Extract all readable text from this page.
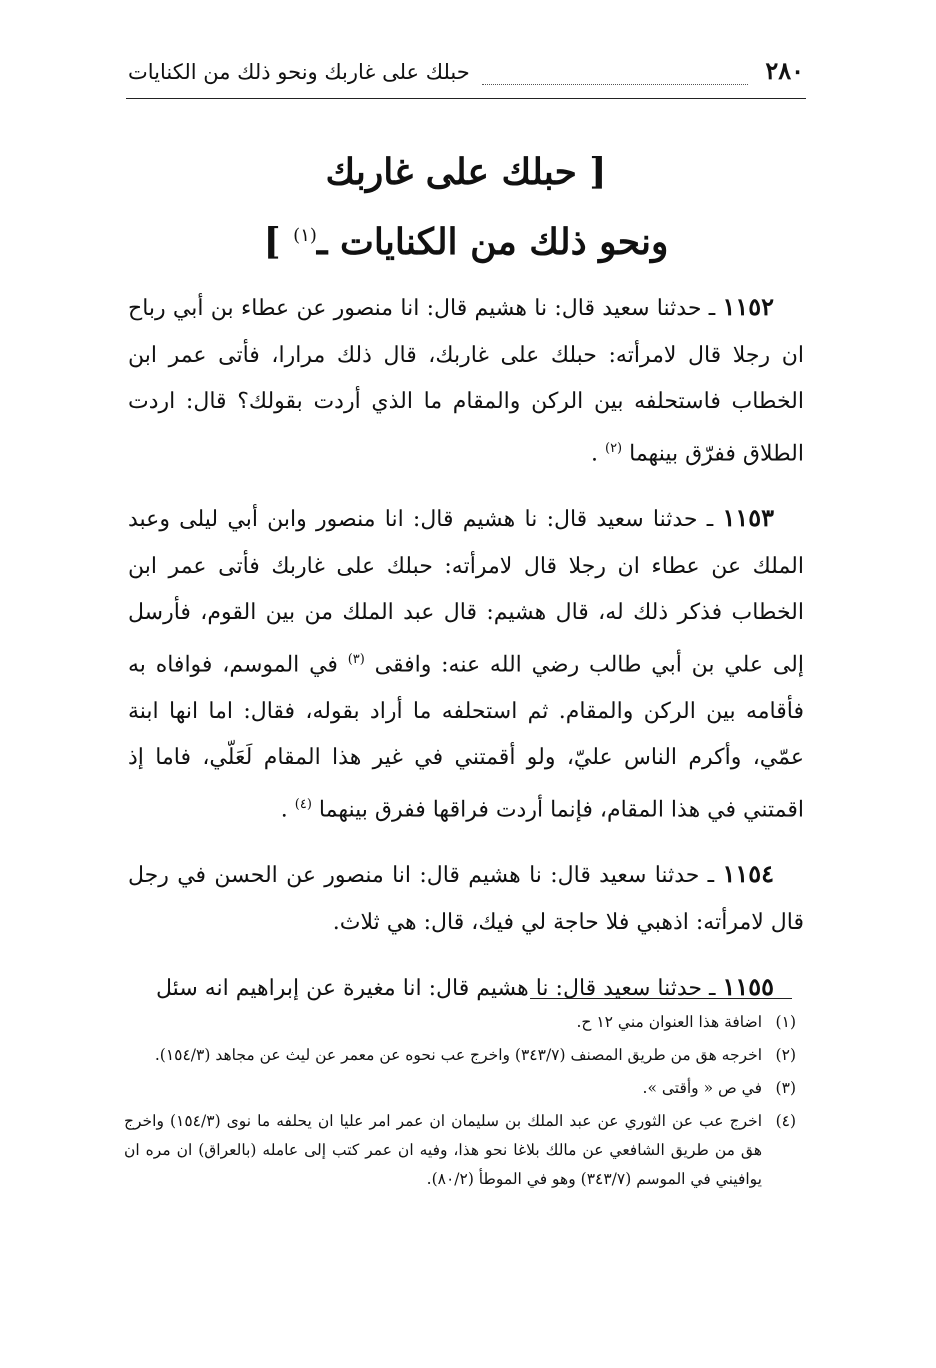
٢٨٠
حبلك على غاربك ونحو ذلك من الكنايات
[ حبلك على غاربك
ونحو ذلك من الكنايات ـ$^{(١)}$ ]

١١٥٢ ـ حدثنا سعيد قال: نا هشيم قال: انا منصور عن عطاء بن أبي رباح ان رجلا قال لامرأته: حبلك على غاربك، قال ذلك مرارا، فأتى عمر ابن الخطاب فاستحلفه بين الركن والمقام ما الذي أردت بقولك؟ قال: اردت الطلاق ففرّق بينهما $^{(٢)}$ .

١١٥٣ ـ حدثنا سعيد قال: نا هشيم قال: انا منصور وابن أبي ليلى وعبد الملك عن عطاء ان رجلا قال لامرأته: حبلك على غاربك فأتى عمر ابن الخطاب فذكر ذلك له، قال هشيم: قال عبد الملك من بين القوم، فأرسل إلى علي بن أبي طالب رضي الله عنه: وافقى $^{(٣)}$ في الموسم، فوافاه به فأقامه بين الركن والمقام. ثم استحلفه ما أراد بقوله، فقال: اما انها ابنة عمّي، وأكرم الناس عليّ، ولو أقمتني في غير هذا المقام لَعَلّي، فاما إذ اقمتني في هذا المقام، فإنما أردت فراقها ففرق بينهما $^{(٤)}$ .

١١٥٤ ـ حدثنا سعيد قال: نا هشيم قال: انا منصور عن الحسن في رجل قال لامرأته: اذهبي فلا حاجة لي فيك، قال: هي ثلاث.

١١٥٥ ـ حدثنا سعيد قال: نا هشيم قال: انا مغيرة عن إبراهيم انه سئل

(١)اضافة هذا العنوان مني ١٢ ح.

(٢)اخرجه هق من طريق المصنف (٣٤٣/٧) واخرج عب نحوه عن معمر عن ليث عن مجاهد (١٥٤/٣).

(٣)في ص « وأقتى ».

(٤)اخرج عب عن الثوري عن عبد الملك بن سليمان ان عمر امر عليا ان يحلفه ما نوى (١٥٤/٣) واخرج هق من طريق الشافعي عن مالك بلاغا نحو هذا، وفيه ان عمر كتب إلى عامله (بالعراق) ان مره ان يوافيني في الموسم (٣٤٣/٧) وهو في الموطأ (٨٠/٢).
